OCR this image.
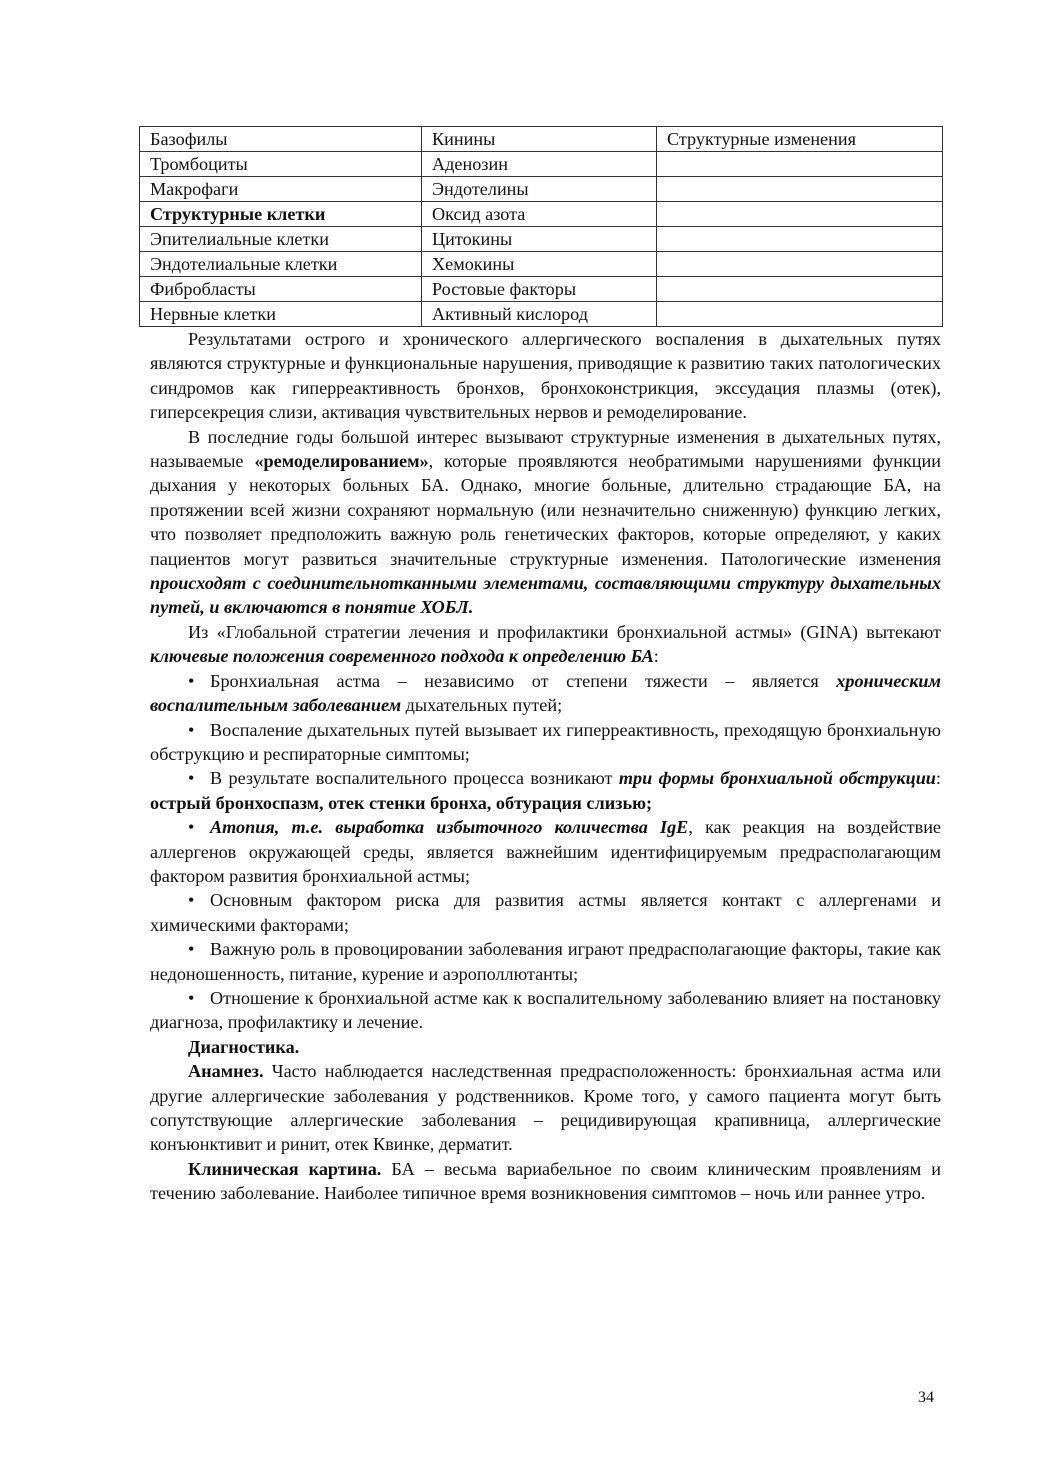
Базофилы	Кинины	Структурные изменения
Тромбоциты	Аденозин	
Макрофаги	Эндотелины	
Структурные клетки	Оксид азота	
Эпителиальные клетки	Цитокины	
Эндотелиальные клетки	Хемокины	
Фибробласты	Ростовые факторы	
Нервные клетки	Активный кислород	

Результатами острого и хронического аллергического воспаления в дыхательных путях являются структурные и функциональные нарушения, приводящие к развитию таких патологических синдромов как гиперреактивность бронхов, бронхоконстрикция, экссудация плазмы (отек), гиперсекреция слизи, активация чувствительных нервов и ремоделирование.

В последние годы большой интерес вызывают структурные изменения в дыхательных путях, называемые «ремоделированием», которые проявляются необратимыми нарушениями функции дыхания у некоторых больных БА. Однако, многие больные, длительно страдающие БА, на протяжении всей жизни сохраняют нормальную (или незначительно сниженную) функцию легких, что позволяет предположить важную роль генетических факторов, которые определяют, у каких пациентов могут развиться значительные структурные изменения. Патологические изменения происходят с соединительнотканными элементами, составляющими структуру дыхательных путей, и включаются в понятие ХОБЛ.

Из «Глобальной стратегии лечения и профилактики бронхиальной астмы» (GINA) вытекают ключевые положения современного подхода к определению БА:

• Бронхиальная астма – независимо от степени тяжести – является хроническим воспалительным заболеванием дыхательных путей;

• Воспаление дыхательных путей вызывает их гиперреактивность, преходящую бронхиальную обструкцию и респираторные симптомы;

• В результате воспалительного процесса возникают три формы бронхиальной обструкции: острый бронхоспазм, отек стенки бронха, обтурация слизью;

• Атопия, т.е. выработка избыточного количества IgE, как реакция на воздействие аллергенов окружающей среды, является важнейшим идентифицируемым предрасполагающим фактором развития бронхиальной астмы;

• Основным фактором риска для развития астмы является контакт с аллергенами и химическими факторами;

• Важную роль в провоцировании заболевания играют предрасполагающие факторы, такие как недоношенность, питание, курение и аэрополлютанты;

• Отношение к бронхиальной астме как к воспалительному заболеванию влияет на постановку диагноза, профилактику и лечение.

Диагностика.

Анамнез. Часто наблюдается наследственная предрасположенность: бронхиальная астма или другие аллергические заболевания у родственников. Кроме того, у самого пациента могут быть сопутствующие аллергические заболевания – рецидивирующая крапивница, аллергические конъюнктивит и ринит, отек Квинке, дерматит.

Клиническая картина. БА – весьма вариабельное по своим клиническим проявлениям и течению заболевание. Наиболее типичное время возникновения симптомов – ночь или раннее утро.

34
